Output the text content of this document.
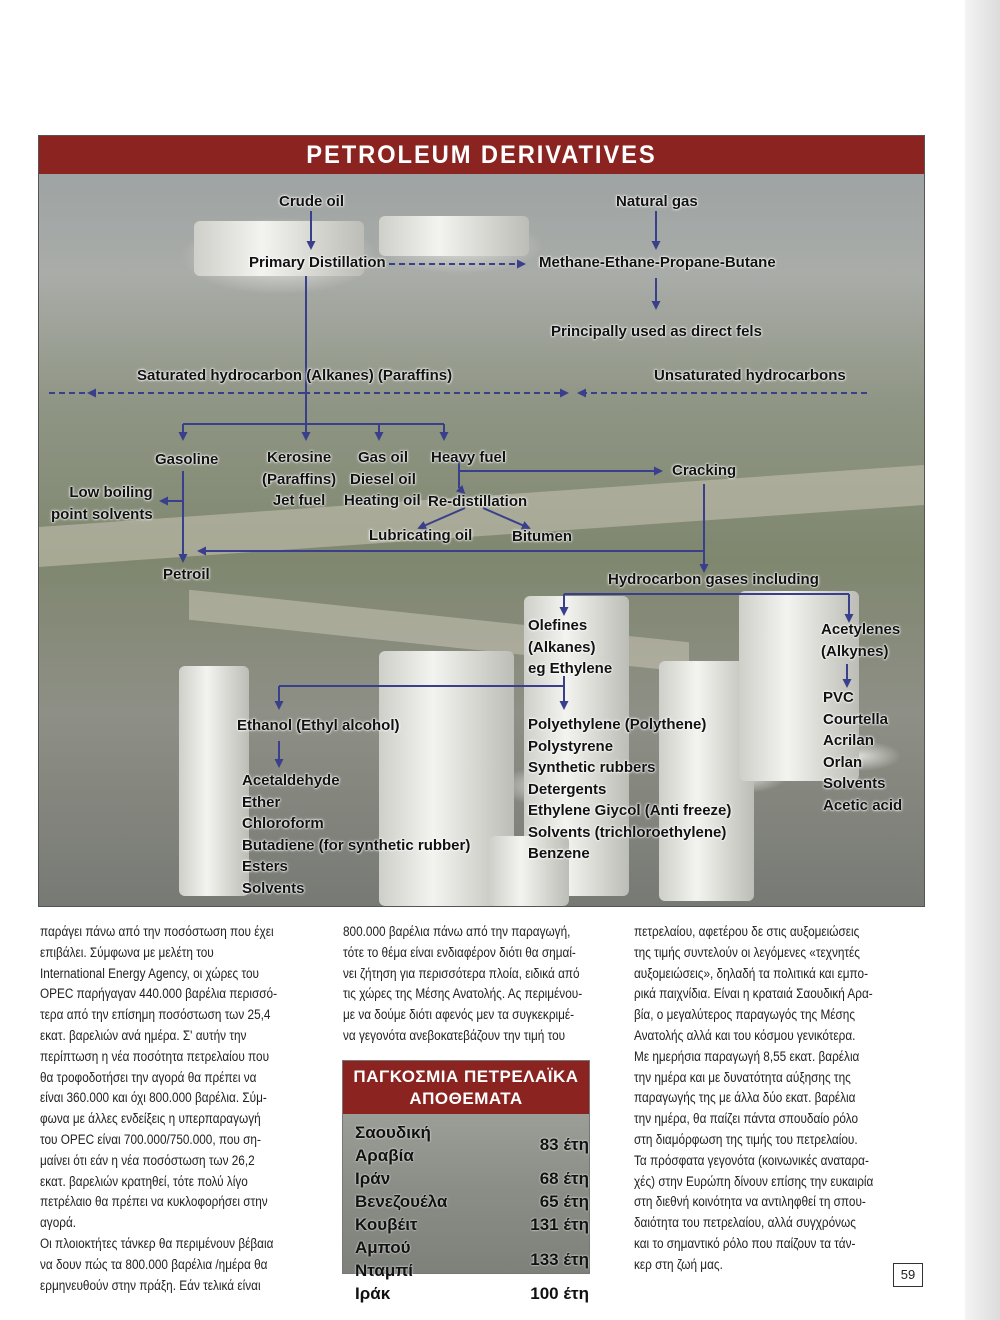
PETROLEUM DERIVATIVES
Crude oil	Natural gas
Primary Distillation	Methane-Ethane-Propane-Butane
Principally used as direct fels
Saturated hydrocarbon (Alkanes) (Paraffins)	Unsaturated hydrocarbons
Gasoline	Kerosine
(Paraffins)
Jet fuel
Gas oil
Diesel oil
Heating oil
Heavy fuel
Cracking
Re-distillation
Low boiling
point solvents
Lubricating oil	Bitumen
Petroil	Hydrocarbon gases including
Olefines
(Alkanes)
eg Ethylene
Acetylenes
(Alkynes)
Ethanol (Ethyl alcohol)	Polyethylene (Polythene)
Polystyrene
Synthetic rubbers
Detergents
Ethylene Giycol (Anti freeze)
Solvents (trichloroethylene)
Benzene
Acetaldehyde
Ether
Chloroform
Butadiene (for synthetic rubber)
Esters
Solvents
PVC
Courtella
Acrilan
Orlan
Solvents
Acetic acid

παράγει πάνω από την ποσόστωση που έχει

επιβάλει. Σύμφωνα με μελέτη του

International Energy Agency, οι χώρες του

OPEC παρήγαγαν 440.000 βαρέλια περισσό-

τερα από την επίσημη ποσόστωση των 25,4

εκατ. βαρελιών ανά ημέρα. Σ' αυτήν την

περίπτωση η νέα ποσότητα πετρελαίου που

θα τροφοδοτήσει την αγορά θα πρέπει να

είναι 360.000 και όχι 800.000 βαρέλια. Σύμ-

φωνα με άλλες ενδείξεις η υπερπαραγωγή

του OPEC είναι 700.000/750.000, που ση-

μαίνει ότι εάν η νέα ποσόστωση των 26,2

εκατ. βαρελιών κρατηθεί, τότε πολύ λίγο

πετρέλαιο θα πρέπει να κυκλοφορήσει στην

αγορά.

Οι πλοιοκτήτες τάνκερ θα περιμένουν βέβαια

να δουν πώς τα 800.000 βαρέλια /ημέρα θα

ερμηνευθούν στην πράξη. Εάν τελικά είναι

800.000 βαρέλια πάνω από την παραγωγή,

τότε το θέμα είναι ενδιαφέρον διότι θα σημαί-

νει ζήτηση για περισσότερα πλοία, ειδικά από

τις χώρες της Μέσης Ανατολής. Ας περιμένου-

με να δούμε διότι αφενός μεν τα συγκεκριμέ-

να γεγονότα ανεβοκατεβάζουν την τιμή του

πετρελαίου, αφετέρου δε στις αυξομειώσεις

της τιμής συντελούν οι λεγόμενες «τεχνητές

αυξομειώσεις», δηλαδή τα πολιτικά και εμπο-

ρικά παιχνίδια. Είναι η κραταιά Σαουδική Αρα-

βία, ο μεγαλύτερος παραγωγός της Μέσης

Ανατολής αλλά και του κόσμου γενικότερα.

Με ημερήσια παραγωγή 8,55 εκατ. βαρέλια

την ημέρα και με δυνατότητα αύξησης της

παραγωγής της με άλλα δύο εκατ. βαρέλια

την ημέρα, θα παίζει πάντα σπουδαίο ρόλο

στη διαμόρφωση της τιμής του πετρελαίου.

Τα πρόσφατα γεγονότα (κοινωνικές αναταρα-

χές) στην Ευρώπη δίνουν επίσης την ευκαιρία

στη διεθνή κοινότητα να αντιληφθεί τη σπου-

δαιότητα του πετρελαίου, αλλά συγχρόνως

και το σημαντικό ρόλο που παίζουν τα τάν-

κερ στη ζωή μας.

ΠΑΓΚΟΣΜΙΑ ΠΕΤΡΕΛΑΪΚΑ
ΑΠΟΘΕΜΑΤΑ
Σαουδική Αραβία	83 έτη
Ιράν	68 έτη
Βενεζουέλα	65 έτη
Κουβέιτ	131 έτη
Αμπού Νταμπί	133 έτη
Ιράκ	100 έτη
59
